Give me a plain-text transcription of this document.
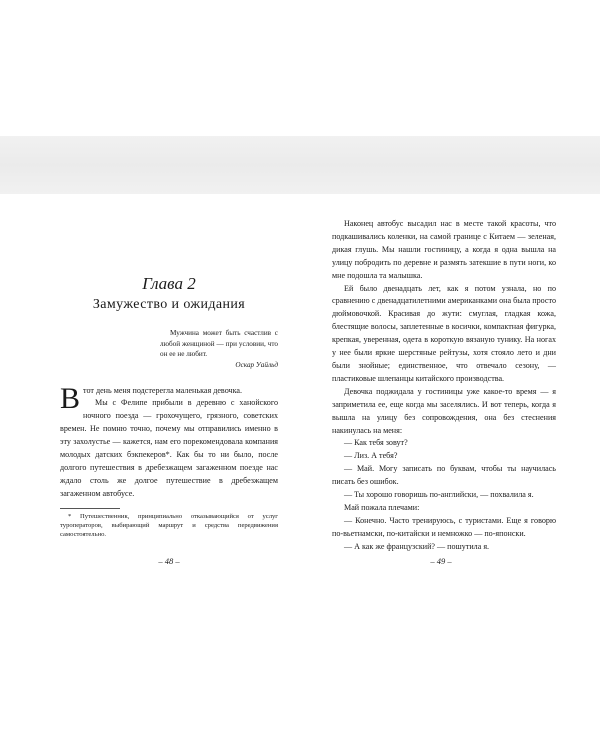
Глава 2
Замужество и ожидания
Мужчина может быть счастлив с любой женщиной — при условии, что он ее не любит.
Оскар Уайльд

В тот день меня подстерегла маленькая девочка.

Мы с Фелипе прибыли в деревню с ханойского ночного поезда — грохочущего, грязного, советских времен. Не помню точно, почему мы отправились именно в эту захолустье — кажется, нам его порекомендовала компания молодых датских бэкпекеров*. Как бы то ни было, после долгого путешествия в дребезжащем загаженном поезде нас ждало столь же долгое путешествие в дребезжащем загаженном автобусе.

* Путешественник, принципиально отказывающийся от услуг туроператоров, выбирающий маршрут и средства передвижения самостоятельно.
– 48 –

Наконец автобус высадил нас в месте такой красоты, что подкашивались коленки, на самой границе с Китаем — зеленая, дикая глушь. Мы нашли гостиницу, а когда я одна вышла на улицу побродить по деревне и размять затекшие в пути ноги, ко мне подошла та малышка.

Ей было двенадцать лет, как я потом узнала, но по сравнению с двенадцатилетними американками она была просто дюймовочкой. Красивая до жути: смуглая, гладкая кожа, блестящие волосы, заплетенные в косички, компактная фигурка, крепкая, уверенная, одета в короткую вязаную тунику. На ногах у нее были яркие шерстяные рейтузы, хотя стояло лето и дни были знойные; единственное, что отвечало сезону, — пластиковые шлепанцы китайского производства.

Девочка поджидала у гостиницы уже какое-то время — я заприметила ее, еще когда мы заселялись. И вот теперь, когда я вышла на улицу без сопровождения, она без стеснения накинулась на меня:

— Как тебя зовут?

— Лиз. А тебя?

— Май. Могу записать по буквам, чтобы ты научилась писать без ошибок.

— Ты хорошо говоришь по-английски, — похвалила я.

Май пожала плечами:

— Конечно. Часто тренируюсь, с туристами. Еще я говорю по-вьетнамски, по-китайски и немножко — по-японски.

— А как же французский? — пошутила я.

– 49 –
